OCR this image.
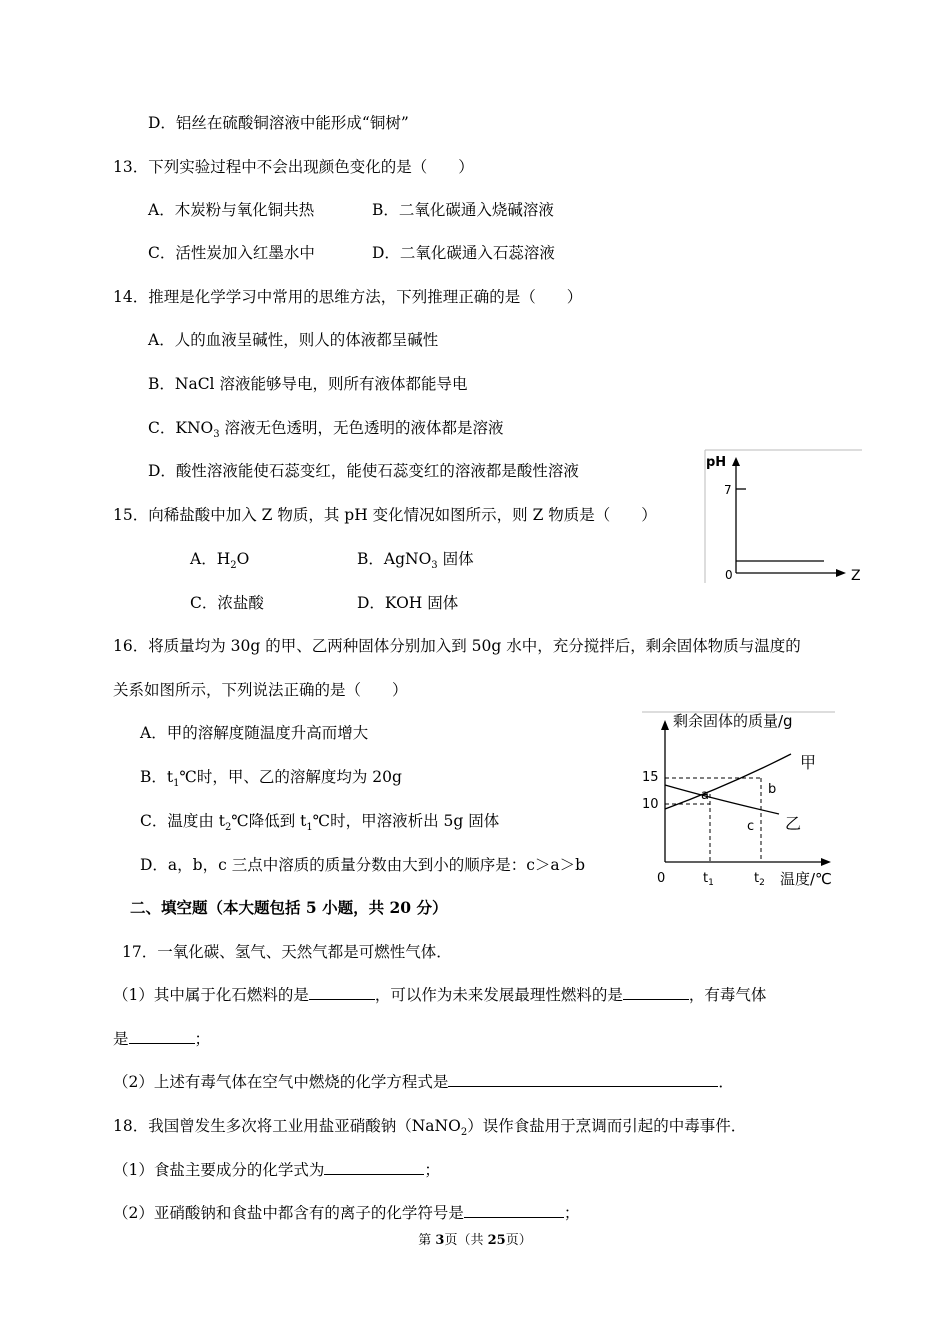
D．铝丝在硫酸铜溶液中能形成“铜树”
13．下列实验过程中不会出现颜色变化的是（　　）
A．木炭粉与氧化铜共热	B．二氧化碳通入烧碱溶液
C．活性炭加入红墨水中	D．二氧化碳通入石蕊溶液
14．推理是化学学习中常用的思维方法，下列推理正确的是（　　）
A．人的血液呈碱性，则人的体液都呈碱性
B．NaCl 溶液能够导电，则所有液体都能导电
C．$KNO_3$ 溶液无色透明，无色透明的液体都是溶液
D．酸性溶液能使石蕊变红，能使石蕊变红的溶液都是酸性溶液	pH
7
0	Z
15．向稀盐酸中加入 Z 物质，其 pH 变化情况如图所示，则 Z 物质是（　　）
A．$H_2O$	B．AgNO$_3$ 固体
C．浓盐酸	D．KOH 固体
16．将质量均为 30g 的甲、乙两种固体分别加入到 50g 水中，充分搅拌后，剩余固体物质与温度的
关系如图所示，下列说法正确的是（　　）
A．甲的溶解度随温度升高而增大
B．$t_1℃$时，甲、乙的溶解度均为 20g
C．温度由 $t_2℃$降低到 $t_1℃$时，甲溶液析出 5g 固体
D．a，b，c 三点中溶质的质量分数由大到小的顺序是：c＞a＞b
剩余固体的质量/g
15
10
0	$t_1$	$t_2$ 温度/℃
甲
乙
a	b
c
二、填空题（本大题包括 5 小题，共 20 分）
17．一氧化碳、氢气、天然气都是可燃性气体．
（1）其中属于化石燃料的是	，可以作为未来发展最理性燃料的是	，有毒气体
是	；
（2）上述有毒气体在空气中燃烧的化学方程式是	．
18．我国曾发生多次将工业用盐亚硝酸钠（NaNO$_2$）误作食盐用于烹调而引起的中毒事件．
（1）食盐主要成分的化学式为	；
（2）亚硝酸钠和食盐中都含有的离子的化学符号是	；
第 3页（共 25页）
